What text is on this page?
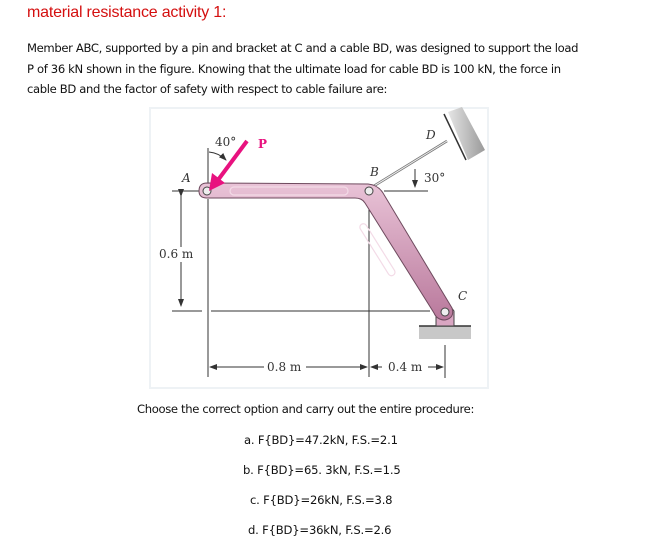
material resistance activity 1:
Member ABC, supported by a pin and bracket at C and a cable BD, was designed to support the load
P of 36 kN shown in the figure. Knowing that the ultimate load for cable BD is 100 kN, the force in
cable BD and the factor of safety with respect to cable failure are:
A	B
C
D
P
40°
30°
0.6 m
0.8 m	0.4 m
Choose the correct option and carry out the entire procedure:
a. F{BD}=47.2kN, F.S.=2.1
b. F{BD}=65. 3kN, F.S.=1.5
c. F{BD}=26kN, F.S.=3.8
d. F{BD}=36kN, F.S.=2.6
